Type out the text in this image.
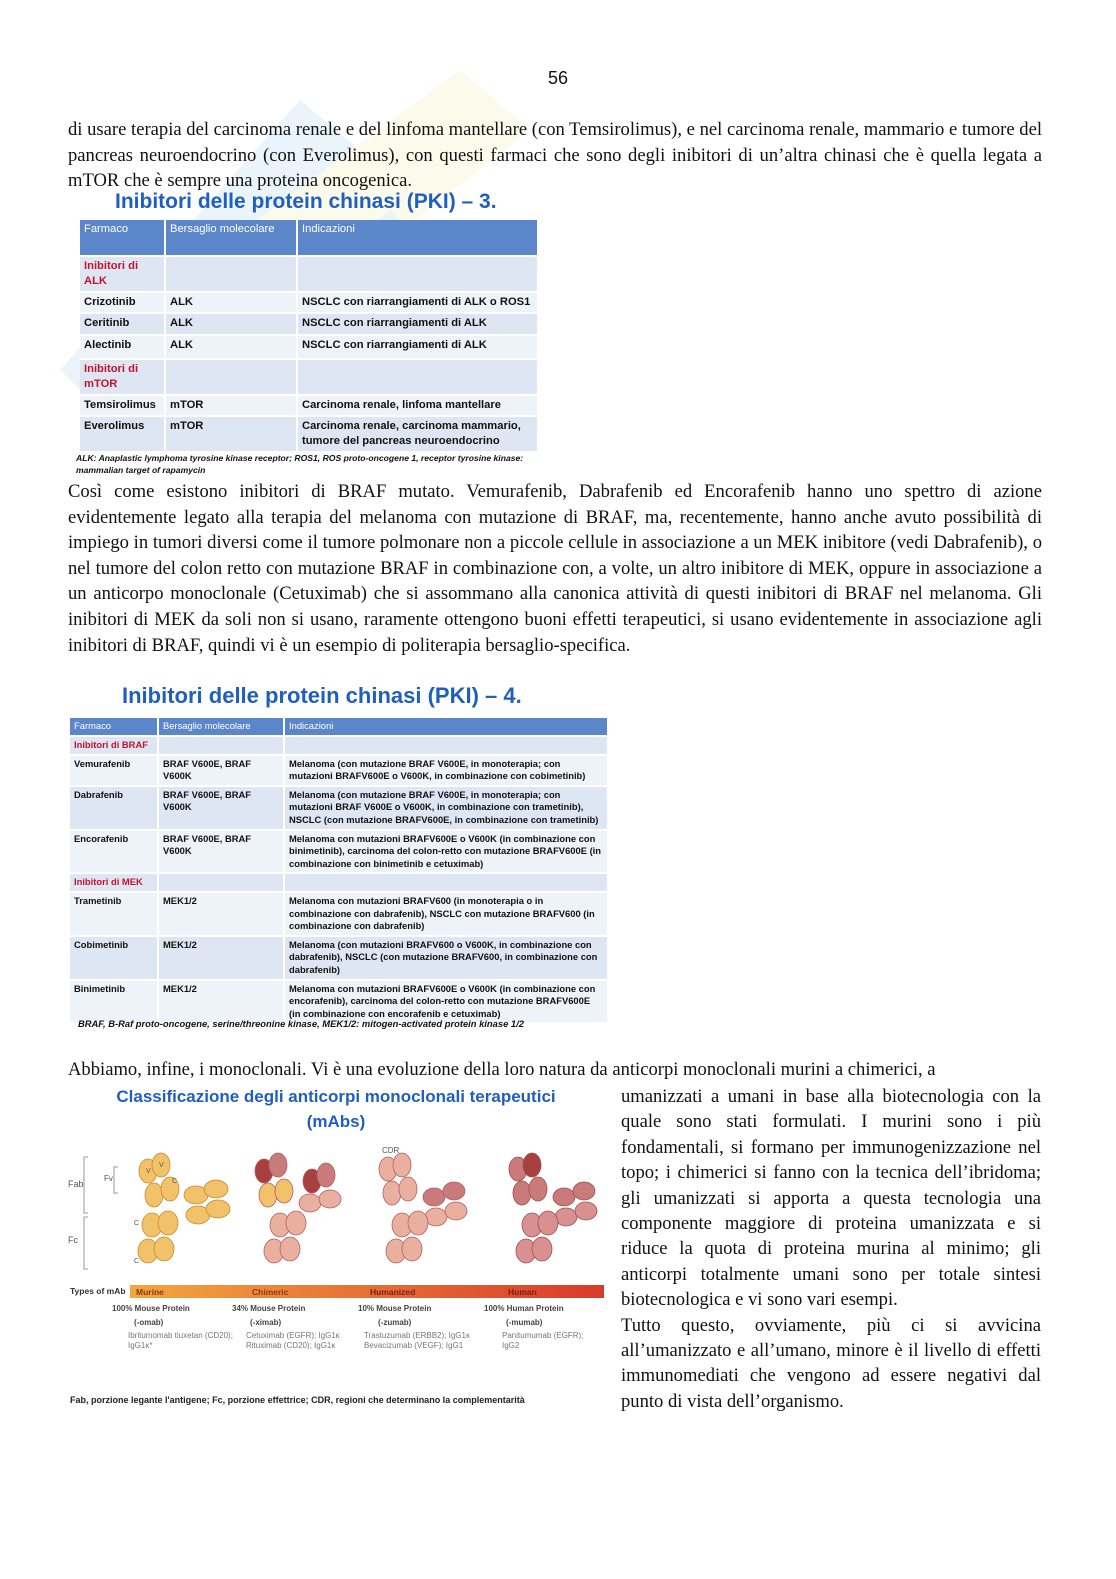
56

di usare terapia del carcinoma renale e del linfoma mantellare (con Temsirolimus), e nel carcinoma renale, mammario e tumore del pancreas neuroendocrino (con Everolimus), con questi farmaci che sono degli inibitori di un’altra chinasi che è quella legata a mTOR che è sempre una proteina oncogenica.

Inibitori delle protein chinasi (PKI) – 3.
Farmaco	Bersaglio molecolare	Indicazioni
Inibitori di ALK		
Crizotinib	ALK	NSCLC con riarrangiamenti di ALK o ROS1
Ceritinib	ALK	NSCLC con riarrangiamenti di ALK
Alectinib	ALK	NSCLC con riarrangiamenti di ALK
Inibitori di mTOR		
Temsirolimus	mTOR	Carcinoma renale, linfoma mantellare
Everolimus	mTOR	Carcinoma renale, carcinoma mammario, tumore del pancreas neuroendocrino
ALK: Anaplastic lymphoma tyrosine kinase receptor; ROS1, ROS proto-oncogene 1, receptor tyrosine kinase: mammalian target of rapamycin

Così come esistono inibitori di BRAF mutato. Vemurafenib, Dabrafenib ed Encorafenib hanno uno spettro di azione evidentemente legato alla terapia del melanoma con mutazione di BRAF, ma, recentemente, hanno anche avuto possibilità di impiego in tumori diversi come il tumore polmonare non a piccole cellule in associazione a un MEK inibitore (vedi Dabrafenib), o nel tumore del colon retto con mutazione BRAF in combinazione con, a volte, un altro inibitore di MEK, oppure in associazione a un anticorpo monoclonale (Cetuximab) che si assommano alla canonica attività di questi inibitori di BRAF nel melanoma. Gli inibitori di MEK da soli non si usano, raramente ottengono buoni effetti terapeutici, si usano evidentemente in associazione agli inibitori di BRAF, quindi vi è un esempio di politerapia bersaglio-specifica.

Inibitori delle protein chinasi (PKI) – 4.
Farmaco	Bersaglio molecolare	Indicazioni
Inibitori di BRAF		
Vemurafenib	BRAF V600E, BRAF V600K	Melanoma (con mutazione BRAF V600E, in monoterapia; con mutazioni BRAFV600E o V600K, in combinazione con cobimetinib)
Dabrafenib	BRAF V600E, BRAF V600K	Melanoma (con mutazione BRAF V600E, in monoterapia; con mutazioni BRAF V600E o V600K, in combinazione con trametinib), NSCLC (con mutazione BRAFV600E, in combinazione con trametinib)
Encorafenib	BRAF V600E, BRAF V600K	Melanoma con mutazioni BRAFV600E o V600K (in combinazione con binimetinib), carcinoma del colon-retto con mutazione BRAFV600E (in combinazione con binimetinib e cetuximab)
Inibitori di MEK		
Trametinib	MEK1/2	Melanoma con mutazioni BRAFV600 (in monoterapia o in combinazione con dabrafenib), NSCLC con mutazione BRAFV600 (in combinazione con dabrafenib)
Cobimetinib	MEK1/2	Melanoma (con mutazioni BRAFV600 o V600K, in combinazione con dabrafenib), NSCLC (con mutazione BRAFV600, in combinazione con dabrafenib)
Binimetinib	MEK1/2	Melanoma con mutazioni BRAFV600E o V600K (in combinazione con encorafenib), carcinoma del colon-retto con mutazione BRAFV600E (in combinazione con encorafenib e cetuximab)
BRAF, B-Raf proto-oncogene, serine/threonine kinase, MEK1/2: mitogen-activated protein kinase 1/2

Abbiamo, infine, i monoclonali. Vi è una evoluzione della loro natura da anticorpi monoclonali murini a chimerici, a

Classificazione degli anticorpi monoclonali terapeutici
(mAbs)
Fab
Fv
Fc
CDR
V
V
C
C
C
Types of mAb Murine	Chimeric	Humanized	Human
100% Mouse Protein
(-omab)
Ibritumomab tiuxetan (CD20); IgG1κ*
34% Mouse Protein
(-ximab)
Cetuximab (EGFR); IgG1κ
Rituximab (CD20); IgG1κ
10% Mouse Protein
(-zumab)
Trastuzumab (ERBB2); IgG1κ
Bevacizumab (VEGF); IgG1
100% Human Protein
(-mumab)
Panitumumab (EGFR); IgG2
Fab, porzione legante l'antigene; Fc, porzione effettrice; CDR, regioni che determinano la complementarità

umanizzati a umani in base alla biotecnologia con la quale sono stati formulati. I murini sono i più fondamentali, si formano per immunogenizzazione nel topo; i chimerici si fanno con la tecnica dell’ibridoma; gli umanizzati si apporta a questa tecnologia una componente maggiore di proteina umanizzata e si riduce la quota di proteina murina al minimo; gli anticorpi totalmente umani sono per totale sintesi biotecnologica e vi sono vari esempi.

Tutto questo, ovviamente, più ci si avvicina all’umanizzato e all’umano, minore è il livello di effetti immunomediati che vengono ad essere negativi dal punto di vista dell’organismo.
